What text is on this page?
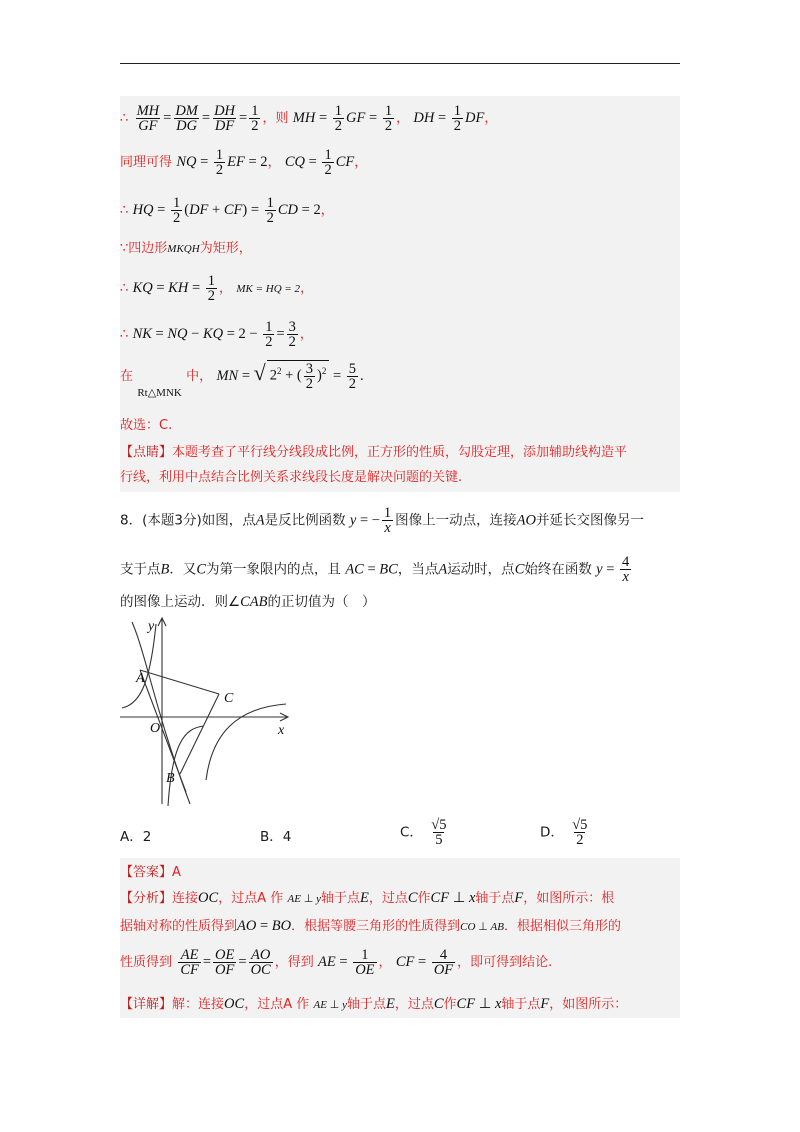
∴ $\frac{MH}{GF} = \frac{DM}{DG} = \frac{DH}{DF} = \frac{1}{2}$ ，则 MH = $\frac{1}{2}$ GF = $\frac{1}{2}$ ， DH = $\frac{1}{2}$ DF，
同理可得 NQ = $\frac{1}{2}$ EF = 2， CQ = $\frac{1}{2}$ CF，
∴ HQ = $\frac{1}{2} (DF + CF) = \frac{1}{2}$ CD = 2，
∵四边形MKQH为矩形，
∴ KQ = KH = $\frac{1}{2}$ ， MK = HQ = 2，
∴ NK = NQ − KQ = $2 - \frac{1}{2} = \frac{3}{2}$ ，
在 $_{Rt\triangle MNK}$ 中， MN = √ $2^2$ + ( $\frac{3}{2} )^2 = \frac{5}{2}$ .
故选：C.
【点睛】本题考查了平行线分线段成比例，正方形的性质，勾股定理，添加辅助线构造平
行线，利用中点结合比例关系求线段长度是解决问题的关键.
8．(本题3分)如图，点A是反比例函数 y = − $\frac{1}{x}$ 图像上一动点，连接AO并延长交图像另一
支于点B．又C为第一象限内的点，且 AC = BC，当点A运动时，点C始终在函数 $y = \frac{4}{x}$
的图像上运动．则∠CAB的正切值为（　）
y
x
O
A
B
C
A．2	B．4	C． $\frac{√5}{5}$	D． $\frac{√5}{2}$
【答案】A
【分析】连接OC，过点A 作 AE ⊥ y轴于点E，过点C作CF ⊥ x轴于点F，如图所示：根
据轴对称的性质得到AO = BO．根据等腰三角形的性质得到CO ⊥ AB．根据相似三角形的
性质得到 $\frac{AE}{CF} = \frac{OE}{OF} = \frac{AO}{OC}$ ，得到 AE = $\frac{1}{OE}$ ， CF = $\frac{4}{OF}$ ，即可得到结论.
【详解】解：连接OC，过点A 作 AE ⊥ y轴于点E，过点C作CF ⊥ x轴于点F，如图所示：
